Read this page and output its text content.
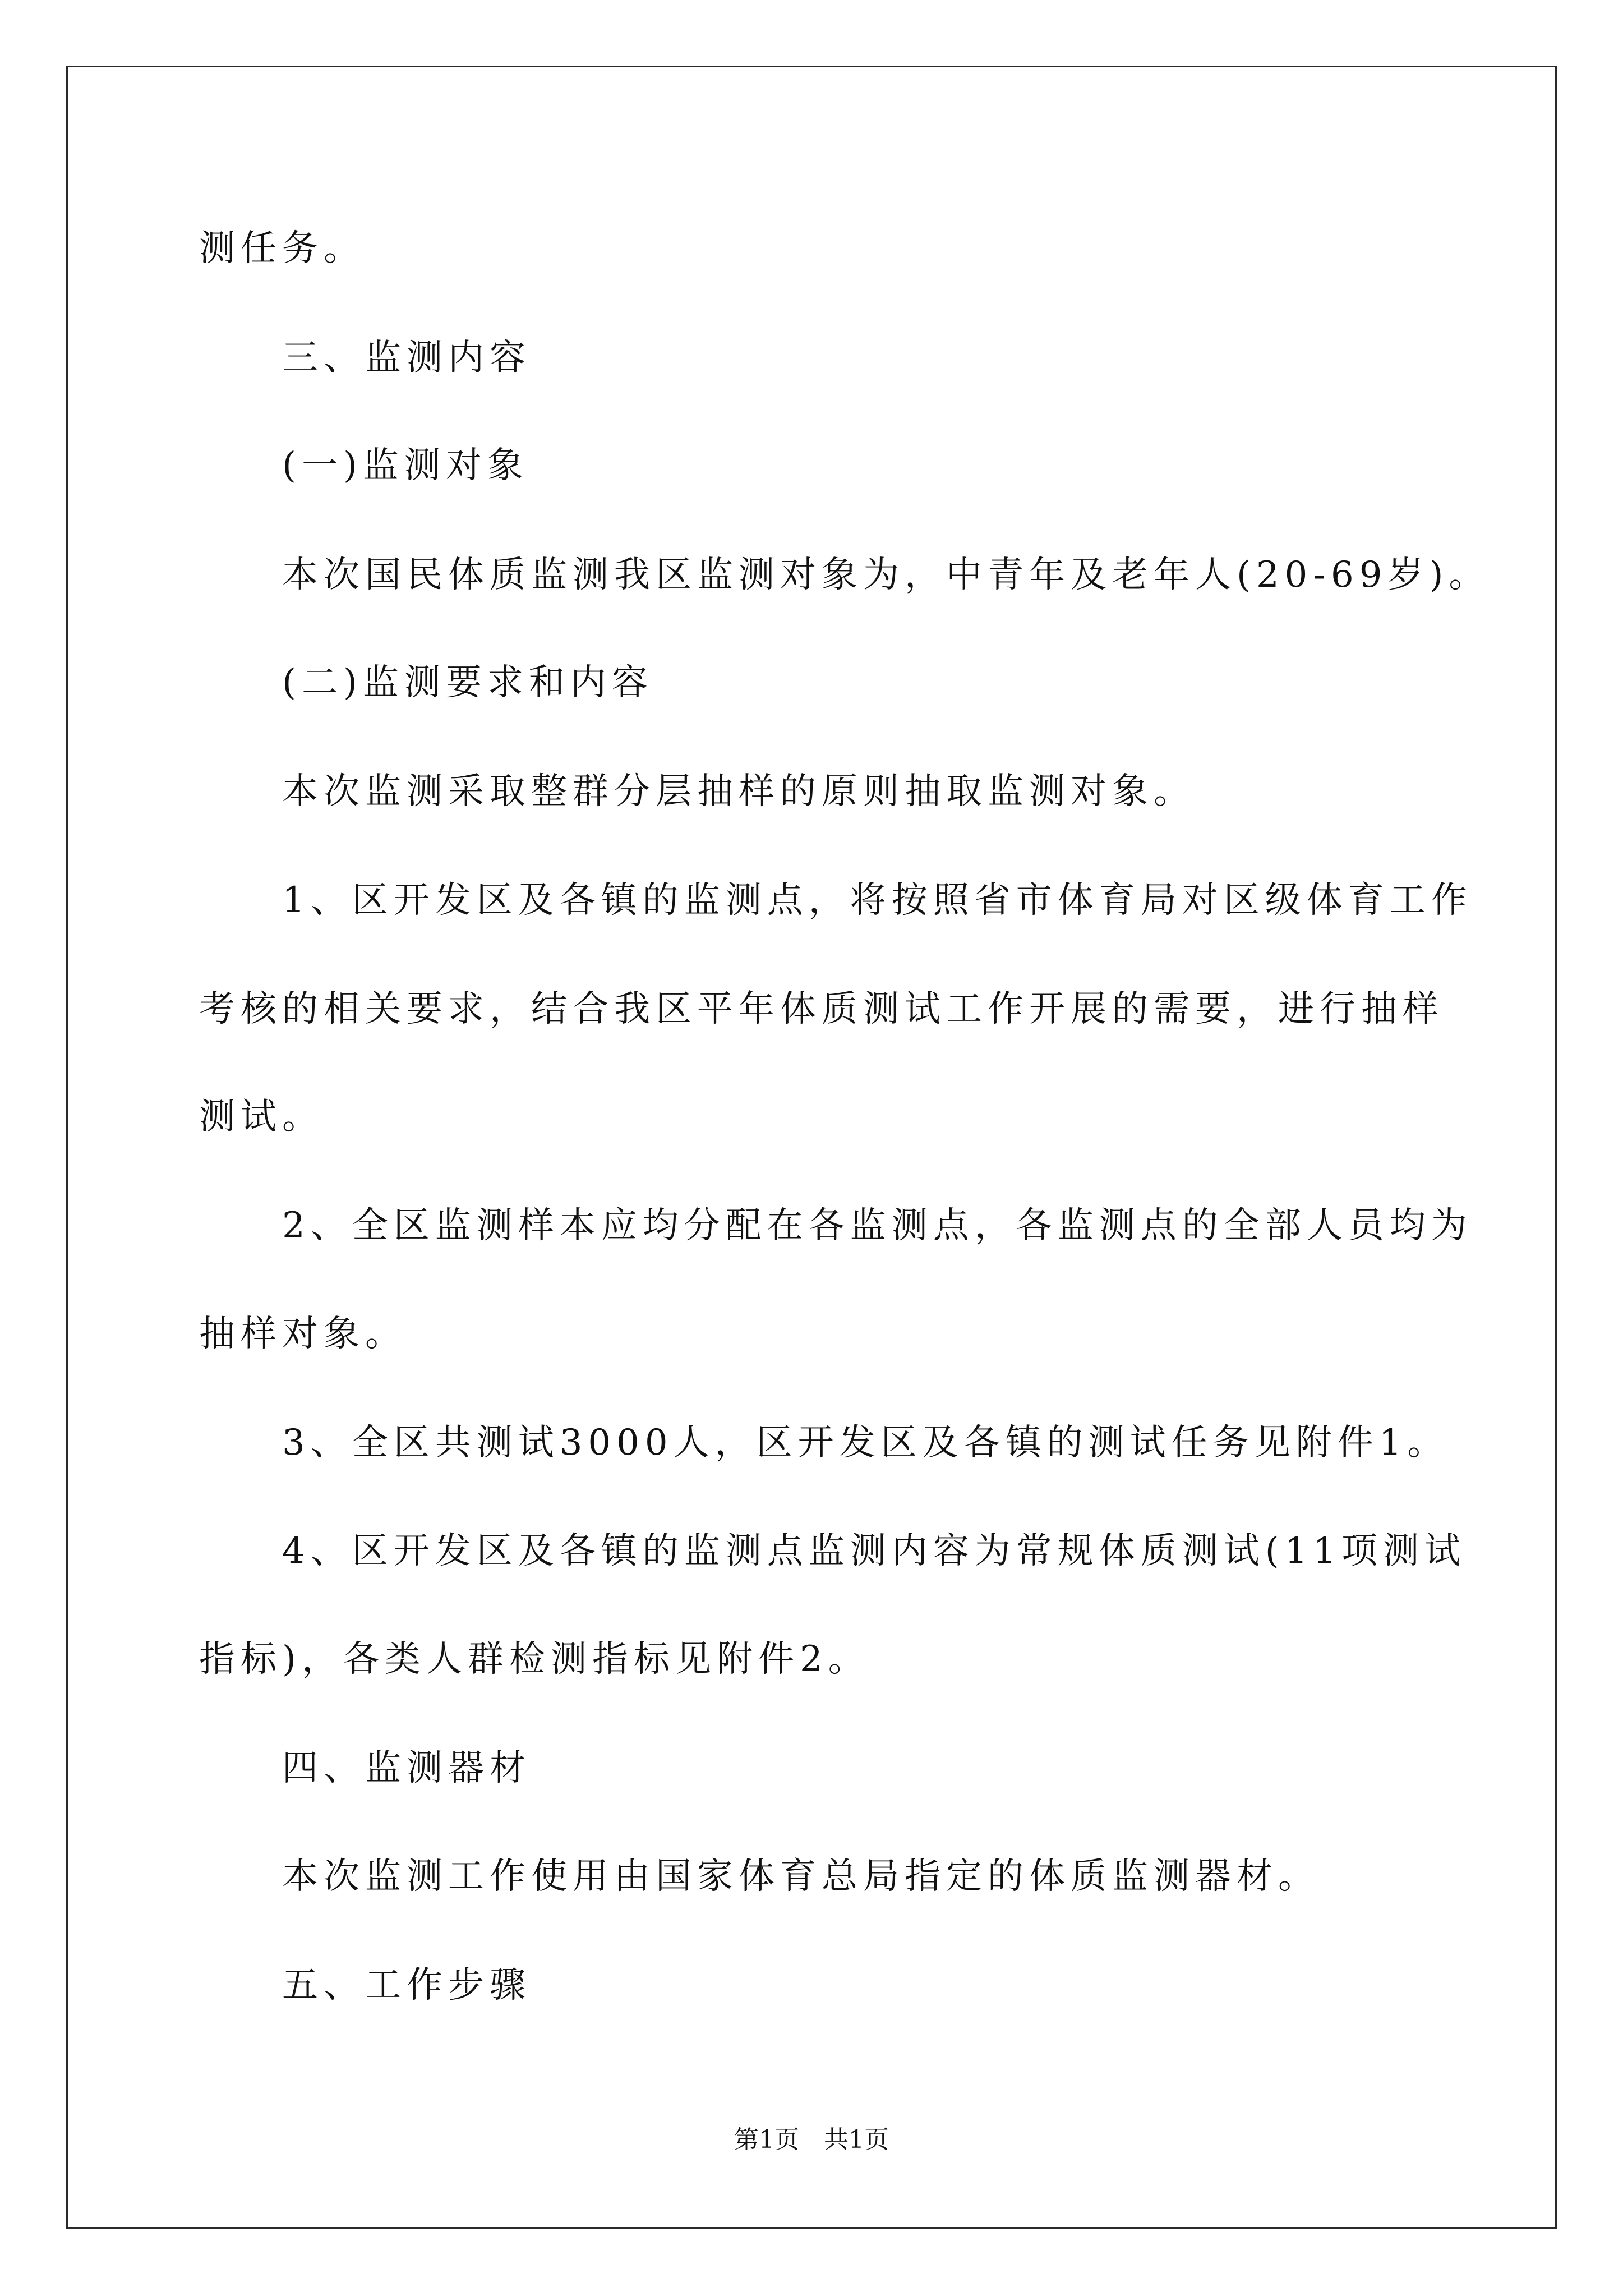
测任务。
三、监测内容
(一)监测对象
本次国民体质监测我区监测对象为，中青年及老年人(20-69岁)。
(二)监测要求和内容
本次监测采取整群分层抽样的原则抽取监测对象。
1、区开发区及各镇的监测点，将按照省市体育局对区级体育工作
考核的相关要求，结合我区平年体质测试工作开展的需要，进行抽样
测试。
2、全区监测样本应均分配在各监测点，各监测点的全部人员均为
抽样对象。
3、全区共测试3000人，区开发区及各镇的测试任务见附件1。
4、区开发区及各镇的监测点监测内容为常规体质测试(11项测试
指标)，各类人群检测指标见附件2。
四、监测器材
本次监测工作使用由国家体育总局指定的体质监测器材。
五、工作步骤
第1页　共1页
